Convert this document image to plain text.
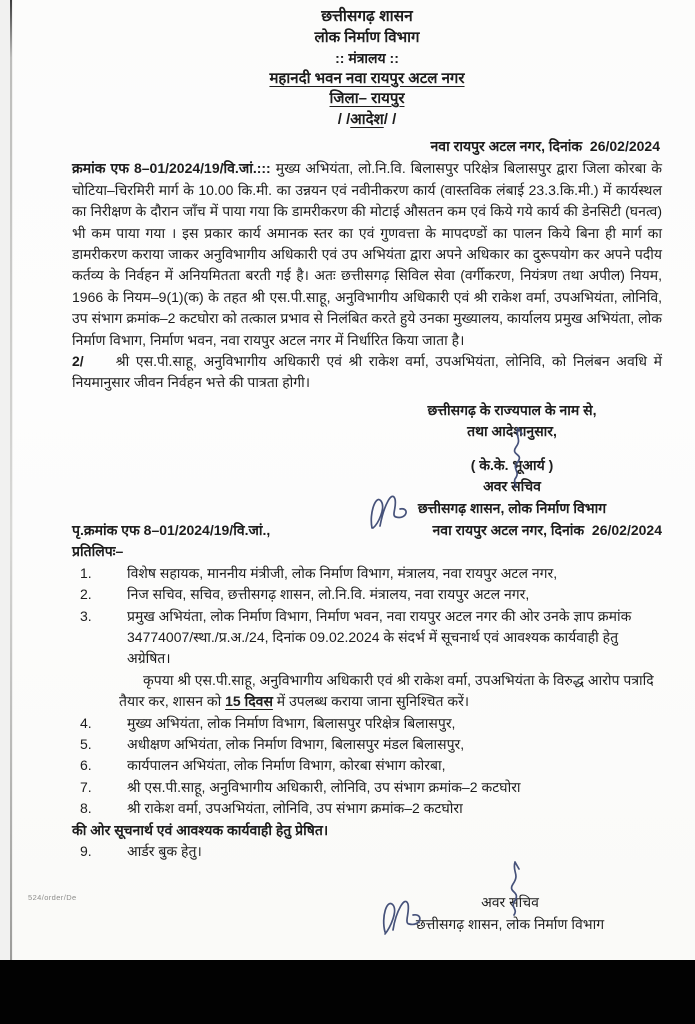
छत्तीसगढ़ शासन
लोक निर्माण विभाग
:: मंत्रालय ::
महानदी भवन नवा रायपुर अटल नगर
जिला– रायपुर
/ /आदेश/ /
नवा रायपुर अटल नगर, दिनांक  26/02/2024

क्रमांक एफ 8–01/2024/19/वि.जां.::: मुख्य अभियंता, लो.नि.वि. बिलासपुर परिक्षेत्र बिलासपुर द्वारा जिला कोरबा के चोटिया–चिरमिरी मार्ग के 10.00 कि.मी. का उन्नयन एवं नवीनीकरण कार्य (वास्तविक लंबाई 23.3.कि.मी.) में कार्यस्थल का निरीक्षण के दौरान जाँच में पाया गया कि डामरीकरण की मोटाई औसतन कम एवं किये गये कार्य की डेनसिटी (घनत्व) भी कम पाया गया । इस प्रकार कार्य अमानक स्तर का एवं गुणवत्ता के मापदण्डों का पालन किये बिना ही मार्ग का डामरीकरण कराया जाकर अनुविभागीय अधिकारी एवं उप अभियंता द्वारा अपने अधिकार का दुरूपयोग कर अपने पदीय कर्तव्य के निर्वहन में अनियमितता बरती गई है। अतः छत्तीसगढ़ सिविल सेवा (वर्गीकरण, नियंत्रण तथा अपील) नियम, 1966 के नियम–9(1)(क) के तहत श्री एस.पी.साहू, अनुविभागीय अधिकारी एवं श्री राकेश वर्मा, उपअभियंता, लोनिवि, उप संभाग क्रमांक–2 कटघोरा को तत्काल प्रभाव से निलंबित करते हुये उनका मुख्यालय, कार्यालय प्रमुख अभियंता, लोक निर्माण विभाग, निर्माण भवन, नवा रायपुर अटल नगर में निर्धारित किया जाता है।

2/ श्री एस.पी.साहू, अनुविभागीय अधिकारी एवं श्री राकेश वर्मा, उपअभियंता, लोनिवि, को निलंबन अवधि में नियमानुसार जीवन निर्वहन भत्ते की पात्रता होगी।

छत्तीसगढ़ के राज्यपाल के नाम से,
तथा आदेशानुसार,
( के.के. भूआर्य )
अवर सचिव
छत्तीसगढ़ शासन, लोक निर्माण विभाग
पृ.क्रमांक एफ 8–01/2024/19/वि.जां.,	नवा रायपुर अटल नगर, दिनांक  26/02/2024
प्रतिलिपः–
1.	विशेष सहायक, माननीय मंत्रीजी, लोक निर्माण विभाग, मंत्रालय, नवा रायपुर अटल नगर,
2.	निज सचिव, सचिव, छत्तीसगढ़ शासन, लो.नि.वि. मंत्रालय, नवा रायपुर अटल नगर,
3.	प्रमुख अभियंता, लोक निर्माण विभाग, निर्माण भवन, नवा रायपुर अटल नगर की ओर उनके ज्ञाप क्रमांक  34774007/स्था./प्र.अ./24, दिनांक 09.02.2024 के संदर्भ में सूचनार्थ एवं आवश्यक कार्यवाही हेतु अग्रेषित।

कृपया श्री एस.पी.साहू, अनुविभागीय अधिकारी एवं श्री राकेश वर्मा, उपअभियंता के विरुद्ध आरोप पत्रादि तैयार कर, शासन को 15 दिवस में उपलब्ध कराया जाना सुनिश्चित करें।

4.	मुख्य अभियंता, लोक निर्माण विभाग, बिलासपुर परिक्षेत्र बिलासपुर,
5.	अधीक्षण अभियंता, लोक निर्माण विभाग, बिलासपुर मंडल बिलासपुर,
6.	कार्यपालन अभियंता, लोक निर्माण विभाग, कोरबा संभाग कोरबा,
7.	श्री एस.पी.साहू, अनुविभागीय अधिकारी, लोनिवि, उप संभाग क्रमांक–2 कटघोरा
8.	श्री राकेश वर्मा, उपअभियंता, लोनिवि, उप संभाग क्रमांक–2 कटघोरा
की ओर सूचनार्थ एवं आवश्यक कार्यवाही हेतु प्रेषित।
9.	आर्डर बुक हेतु।
अवर सचिव
छत्तीसगढ़ शासन, लोक निर्माण विभाग
524/order/De
